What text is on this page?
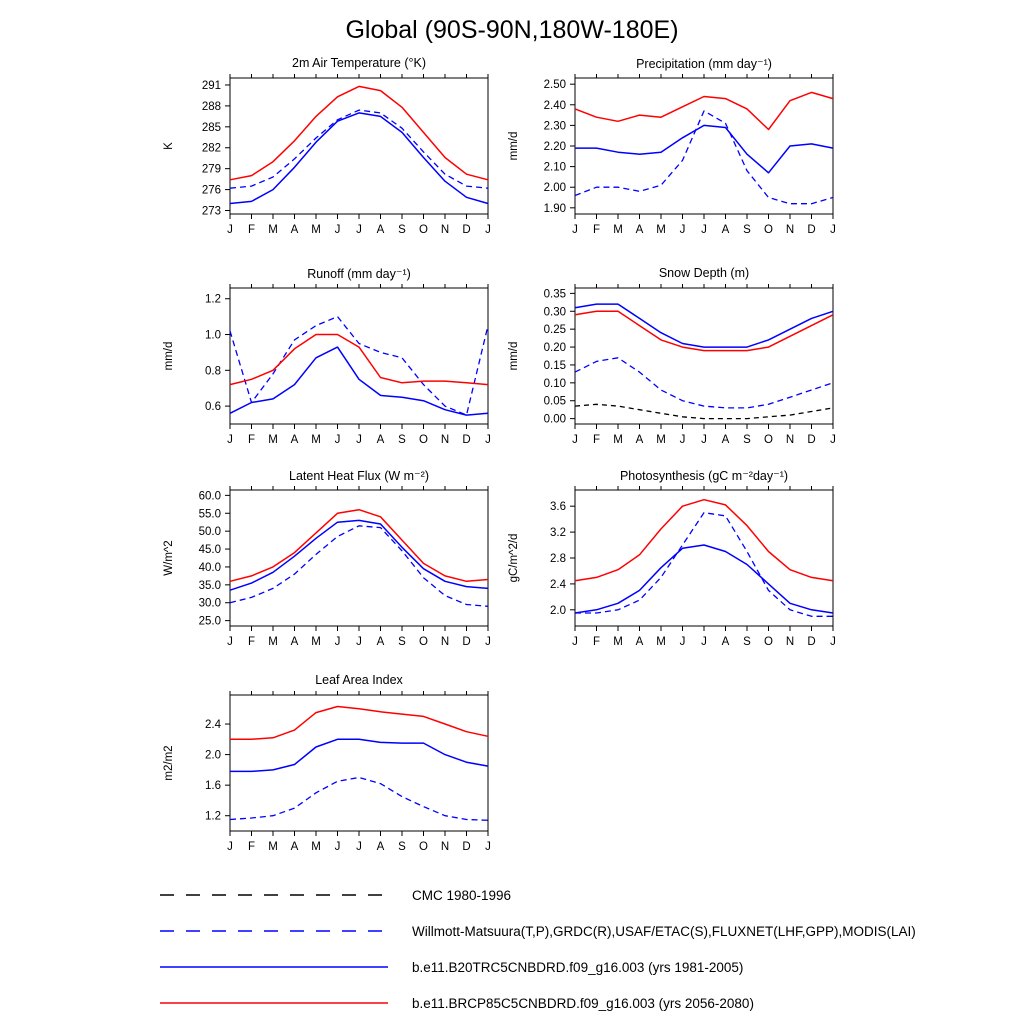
Global (90S-90N,180W-180E)
2m Air Temperature (°K)
273
276
279
282
285
288
291
J F M A M J J A S O N D J
K
Precipitation (mm day⁻¹)
1.90
2.00
2.10
2.20
2.30
2.40
2.50
J F M A M J J A S O N D J
mm/d
Runoff (mm day⁻¹)
0.6
0.8
1.0
1.2
J F M A M J J A S O N D J
mm/d
Snow Depth (m)
0.00
0.05
0.10
0.15
0.20
0.25
0.30
0.35
J F M A M J J A S O N D J
mm/d
Latent Heat Flux (W m⁻²)
25.0
30.0
35.0
40.0
45.0
50.0
55.0
60.0
J F M A M J J A S O N D J
W/m^2
Photosynthesis (gC m⁻²day⁻¹)
2.0
2.4
2.8
3.2
3.6
J F M A M J J A S O N D J
gC/m^2/d
Leaf Area Index
1.2
1.6
2.0
2.4
J F M A M J J A S O N D J
m2/m2
CMC 1980-1996
Willmott-Matsuura(T,P),GRDC(R),USAF/ETAC(S),FLUXNET(LHF,GPP),MODIS(LAI)
b.e11.B20TRC5CNBDRD.f09_g16.003 (yrs 1981-2005)
b.e11.BRCP85C5CNBDRD.f09_g16.003 (yrs 2056-2080)
